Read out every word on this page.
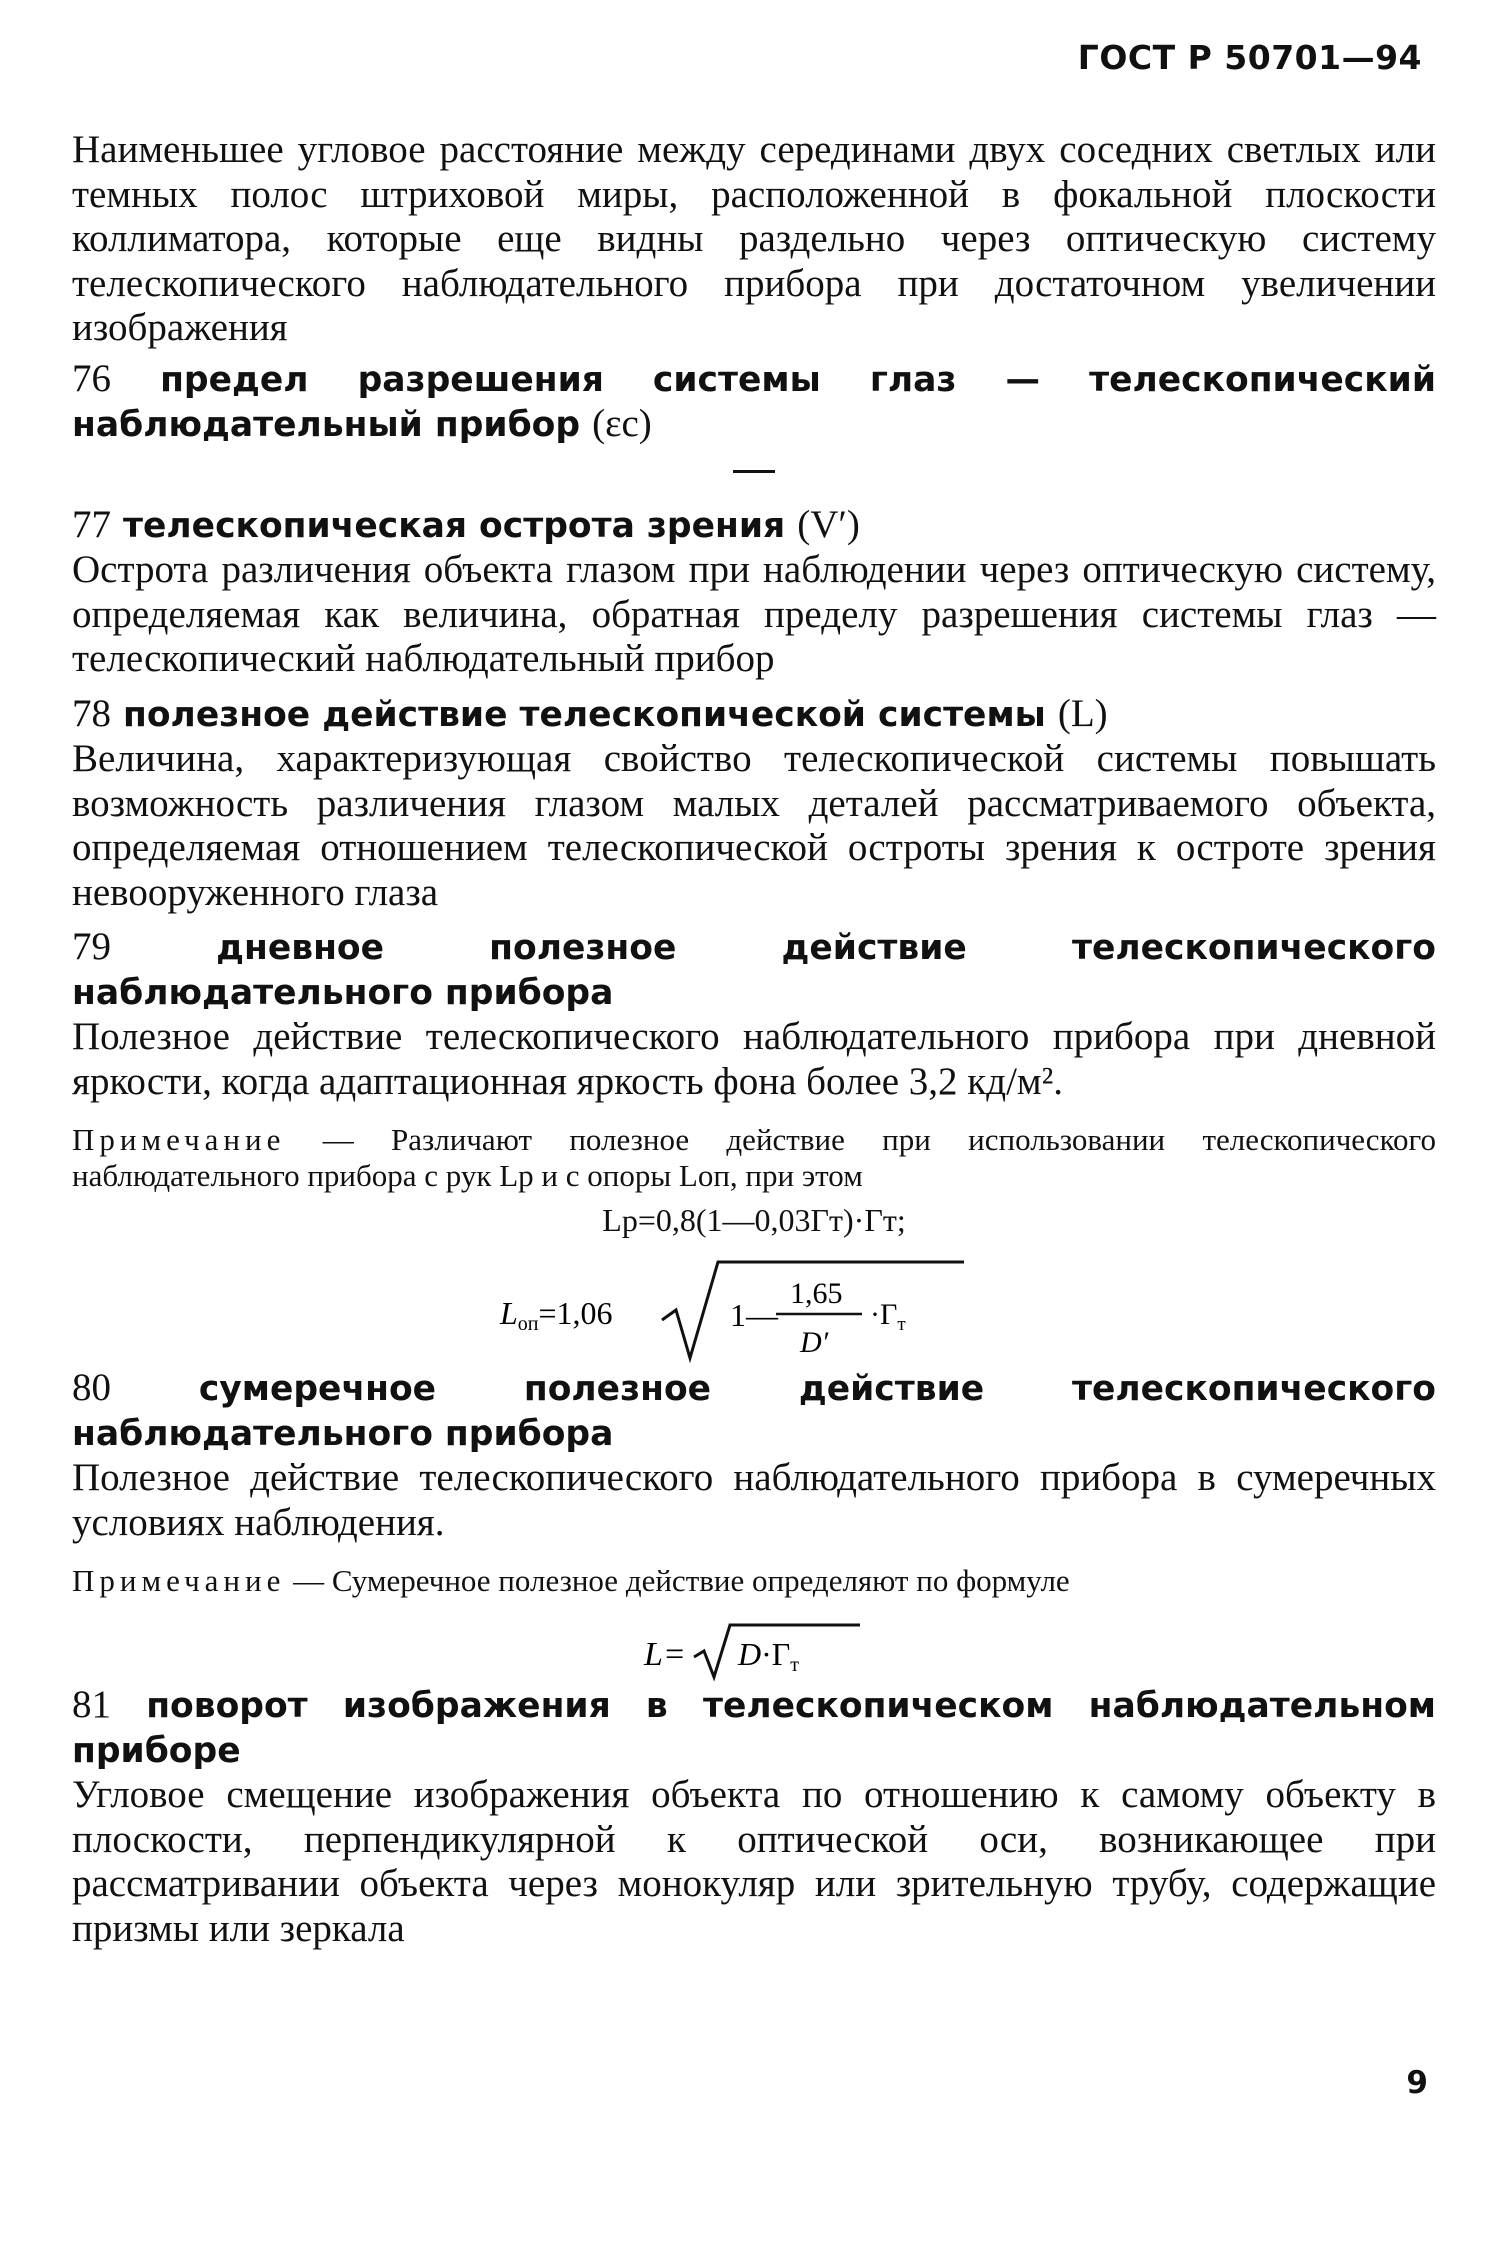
ГОСТ Р 50701—94

Наименьшее угловое расстояние между серединами двух соседних светлых или темных полос штриховой миры, расположенной в фокальной плоскости коллиматора, которые еще видны раздельно через оптическую систему телескопического наблюдательного прибора при достаточном увеличении изображения

76 предел разрешения системы глаз — телескопический наблюдательный прибор (εc)

77 телескопическая острота зрения (V′)

Острота различения объекта глазом при наблюдении через оптическую систему, определяемая как величина, обратная пределу разрешения системы глаз — телескопический наблюдательный прибор

78 полезное действие телескопической системы (L)

Величина, характеризующая свойство телескопической системы повышать возможность различения глазом малых деталей рассматриваемого объекта, определяемая отношением телескопической остроты зрения к остроте зрения невооруженного глаза

79	дневное полезное действие телескопического наблюдательного прибора

Полезное действие телескопического наблюдательного прибора при дневной яркости, когда адаптационная яркость фона более 3,2 кд/м².

Примечание — Различают полезное действие при использовании телескопического наблюдательного прибора с рук Lр и с опоры Lоп, при этом

Lр=0,8(1—0,03Гт)·Гт;
Lоп=1,06	1—
1,65
D′
$\cdot Г_т$

80	сумеречное полезное действие телескопического наблюдательного прибора

Полезное действие телескопического наблюдательного прибора в сумеречных условиях наблюдения.

Примечание — Сумеречное полезное действие определяют по формуле

L= D·Гт

81 поворот изображения в телескопическом наблюдательном приборе

Угловое смещение изображения объекта по отношению к самому объекту в плоскости, перпендикулярной к оптической оси, возникающее при рассматривании объекта через монокуляр или зрительную трубу, содержащие призмы или зеркала

9
